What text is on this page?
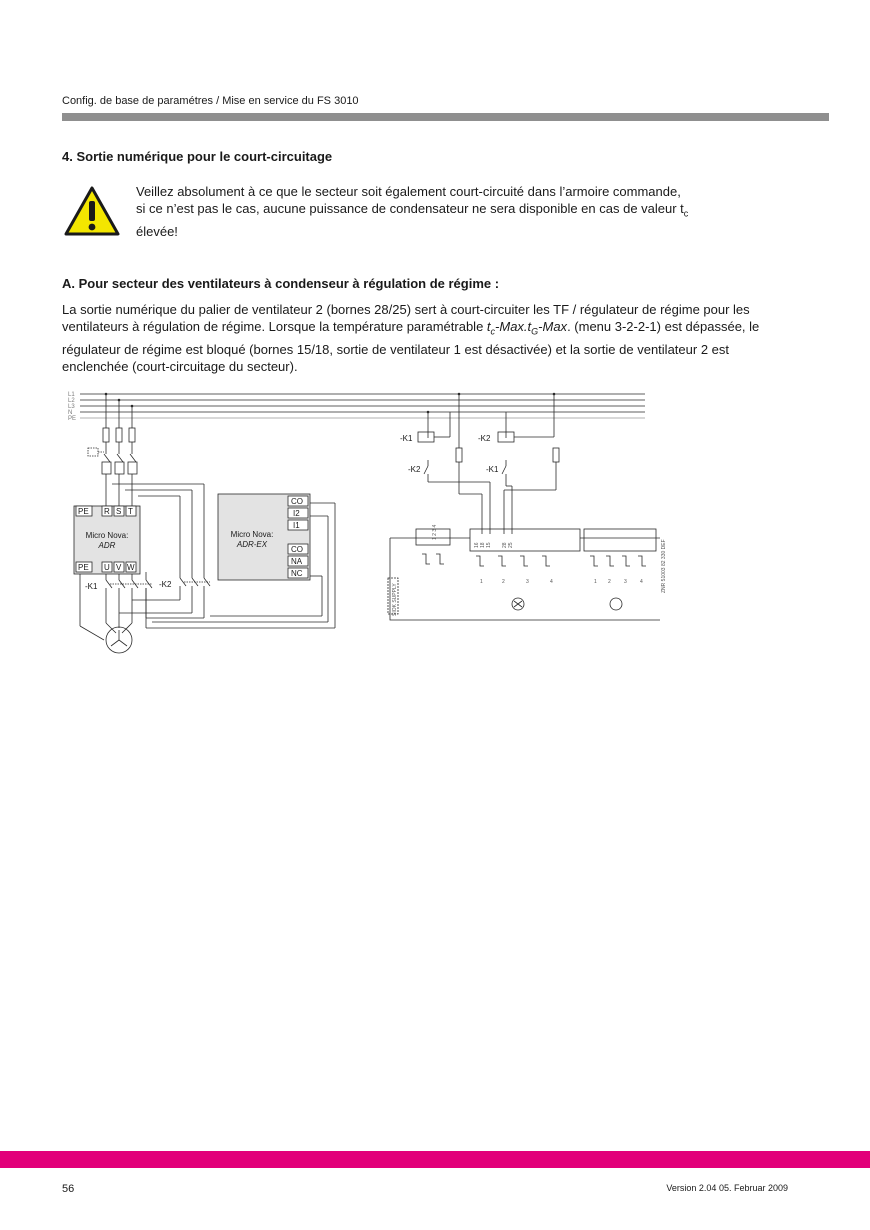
Config. de base de paramétres / Mise en service du FS 3010
4. Sortie numérique pour le court-circuitage
Veillez absolument à ce que le secteur soit également court-circuité dans l’armoire commande,
si ce n’est pas le cas, aucune puissance de condensateur ne sera disponible en cas de valeur $t_c$
élevée!
A. Pour secteur des ventilateurs à condenseur à régulation de régime :
La sortie numérique du palier de ventilateur 2 (bornes 28/25) sert à court-circuiter les TF / régulateur de régime pour les ventilateurs à régulation de régime. Lorsque la température paramétrable $t_c-Max.t_G$-Max. (menu 3-2-2-1) est dépassée, le régulateur de régime est bloqué (bornes 15/18, sortie de ventilateur 1 est désactivée) et la sortie de ventilateur 2 est enclenchée (court-circuitage du secteur).
L1
L2
L3
N
PE
PE R S T
PE U V W
Micro Nova:
ADR
Micro Nova:
ADR-EX
CO
I2
I1
CO
NA
NC
-K1	-K2
-K1	-K2
-K2	-K1
16 18 15 28 25
1 2 3 4
SIOK SUPPLY
ZNR 51003 82 330 DEF
1	2	3	4	1 2	3	4
56	Version 2.04 05. Februar 2009
